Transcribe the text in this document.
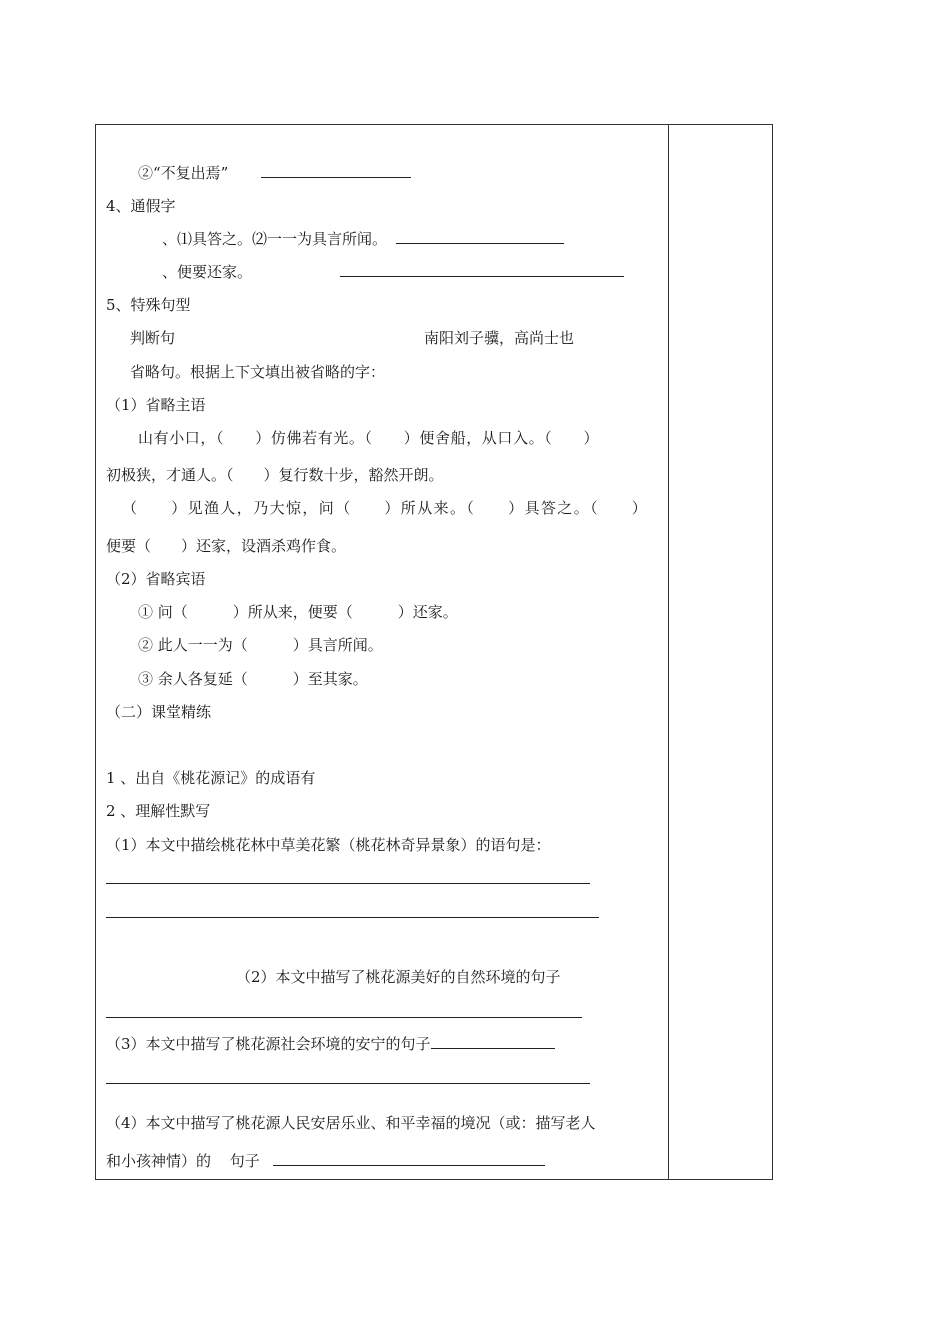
②“不复出焉”
4、通假字
、⑴具答之。⑵一一为具言所闻。
、便要还家。
5、特殊句型
判断句	南阳刘子骥，高尚士也
省略句。根据上下文填出被省略的字：
（1）省略主语
山有小口，（　　）仿佛若有光。（　　）便舍船，从口入。（　　）
初极狭，才通人。（　　）复行数十步，豁然开朗。
（　　）见渔人，乃大惊，问（　　）所从来。（　　）具答之。（　　）
便要（　　）还家，设酒杀鸡作食。
（2）省略宾语
① 问（　　　）所从来，便要（　　　）还家。
② 此人一一为（　　　）具言所闻。
③ 余人各复延（　　　）至其家。
（二）课堂精练
1 、出自《桃花源记》的成语有
2 、理解性默写
（1）本文中描绘桃花林中草美花繁（桃花林奇异景象）的语句是：
（2）本文中描写了桃花源美好的自然环境的句子
（3）本文中描写了桃花源社会环境的安宁的句子
（4）本文中描写了桃花源人民安居乐业、和平幸福的境况（或：描写老人
和小孩神情）的 句子
